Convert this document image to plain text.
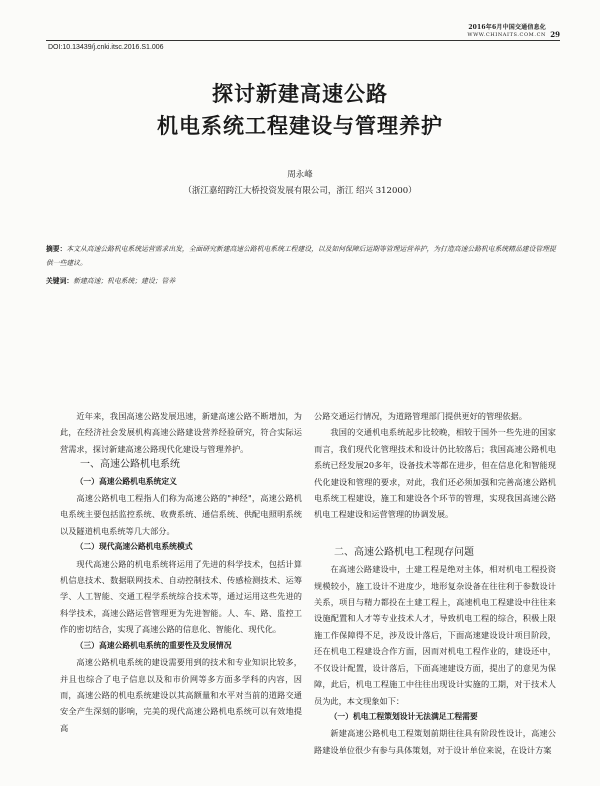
2016年6月中国交通信息化
WWW.CHINAITS.COM.CN 29
DOI:10.13439/j.cnki.itsc.2016.S1.006
探讨新建高速公路
机电系统工程建设与管理养护
周永峰
（浙江嘉绍跨江大桥投资发展有限公司，浙江 绍兴 312000）
摘要：本文从高速公路机电系统运营需求出发，全面研究新建高速公路机电系统工程建设，以及如何保障后运期等管理运营养护，为打造高速公路机电系统精品建设管理提供一些建议。
关键词：新建高速；机电系统；建设；管养

近年来，我国高速公路发展迅速，新建高速公路不断增加，为此，在经济社会发展机构高速公路建设营养经验研究，符合实际运营需求，探讨新建高速公路现代化建设与管理养护。

一、高速公路机电系统

（一）高速公路机电系统定义

高速公路机电工程指人们称为高速公路的"神经"，高速公路机电系统主要包括监控系统、收费系统、通信系统、供配电照明系统以及隧道机电系统等几大部分。

（二）现代高速公路机电系统模式

现代高速公路的机电系统将运用了先进的科学技术，包括计算机信息技术、数据联网技术、自动控制技术、传感检测技术、运筹学、人工智能、交通工程学系统综合技术等，通过运用这些先进的科学技术，高速公路运营管理更为先进智能。人、车、路、监控工作的密切结合，实现了高速公路的信息化、智能化、现代化。

（三）高速公路机电系统的重要性及发展情况

高速公路机电系统的建设需要用到的技术和专业知识比较多，并且也综合了电子信息以及和市价网等多方面多学科的内容，因而，高速公路的机电系统建设以其高额量和水平对当前的道路交通安全产生深刻的影响，完美的现代高速公路机电系统可以有效地提高

公路交通运行情况，为道路管理部门提供更好的管理依据。

我国的交通机电系统起步比较晚，相较于国外一些先进的国家而言，我们现代化管理技术和设计仍比较落后；我国高速公路机电系统已经发展20多年，设备技术等都在进步，但在信息化和智能现代化建设和管理的要求，对此，我们还必须加强和完善高速公路机电系统工程建设，施工和建设各个环节的管理，实现我国高速公路机电工程建设和运营管理的协调发展。

二、高速公路机电工程现存问题

在高速公路建设中，土建工程是绝对主体，相对机电工程投资规模较小，施工设计不进度少，地形复杂设备在往往利于参数设计关系，项目与精力都投在土建工程上，高速机电工程建设中往往来设施配置和人才等专业技术人才，导致机电工程的综合，积极上限施工作保障得不足，涉及设计落后，下面高速建设设计项目阶段，还在机电工程建设合作方面，因而对机电工程作业的，建设还中，不仅设计配置，设计落后，下面高速建设方面，提出了的意见为保障，此后，机电工程施工中往往出现设计实施的工期，对于技术人员为此，本文现象如下：

（一）机电工程策划设计无法满足工程需要

新建高速公路机电工程策划前期往往具有阶段性设计，高速公路建设单位很少有参与具体策划，对于设计单位来说，在设计方案
